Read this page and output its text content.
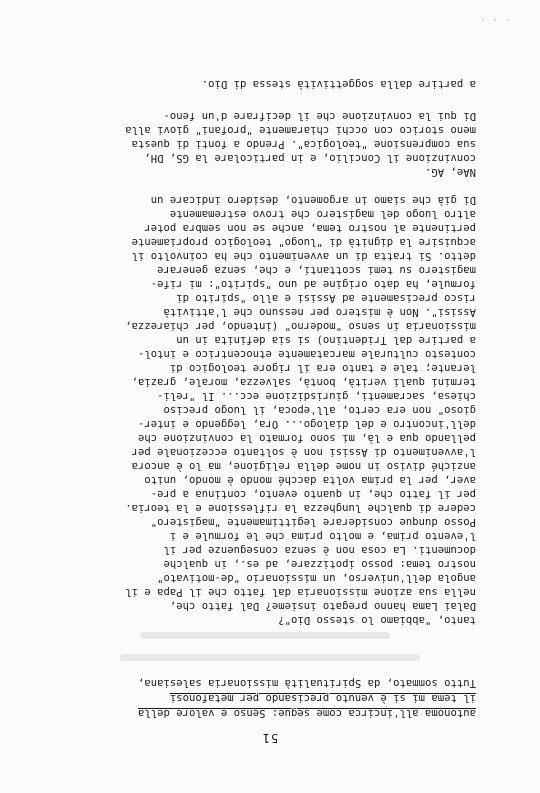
51
autonoma all'incirca come segue: Senso e valore della
il tema mi si è venuto precisando per metafonosi
Tutto sommato, da Spiritualità missionaria salesiana,
tanto, "abbiamo lo stesso Dio"?
Dalai Lama hanno pregato insieme? Dal fatto che,
nella sua azione missionaria dal fatto che il Papa e il
angola dell'universo, un missionario "de-motivato"
nostro tema: posso ipotizzare, ad es., in qualche
documenti. La cosa non è senza conseguenze per il
l'evento prima, e molto prima che le formule e i
Posso dunque considerare legittimamente "magistero"
cedere di qualche lunghezza la riflessione e la teoria.
per il fatto che, in quanto evento, continua a pre-
aver, per la prima volta dacché mondo è mondo, unito
anziché diviso in nome della religione, ma lo è ancora
l'avvenimento di Assisi non è soltanto eccezionale per
pellando qua e là, mi sono formato la convinzione che
dell'incontro e del dialogo... Ora, leggendo e inter-
gioso" non era certo, all'epoca, il luogo preciso
chiesa, sacramenti, giurisdizione ecc... Il "reli-
termini quali verità, bontà, salvezza, morale, grazia,
lerante; tale e tanto era il rigore teologico di
contesto culturale marcatamente etnocentrico e intol-
a partire dal Tridentino) si sia definita in un
missionaria in senso "moderno" (intendo, per chiarezza,
Assisi". Non è mistero per nessuno che l'attività
risco precisamente ad Assisi e allo "spirito di
formule, ha dato origine ad uno "spirito": mi rife-
magistero su temi scottanti, e che, senza generare
detto. Si tratta di un avvenimento che ha coinvolto il
acquisire la dignità di "luogo" teologico propriamente
pertinente al nostro tema, anche se non sembra poter
altro luogo del magistero che trovo estremamente
Di già che siamo in argomento, desidero indicare un
NAe, AG.
convinzione il Concilio, e in particolare la GS, DH,
sua comprensione "teologica". Prendo a fonti di questa
meno storico con occhi chiaramente "profani" giovi alla
Di qui la convinzione che il decifrare d'un feno-
a partire dalla soggettività stessa di Dio.
· · ·
